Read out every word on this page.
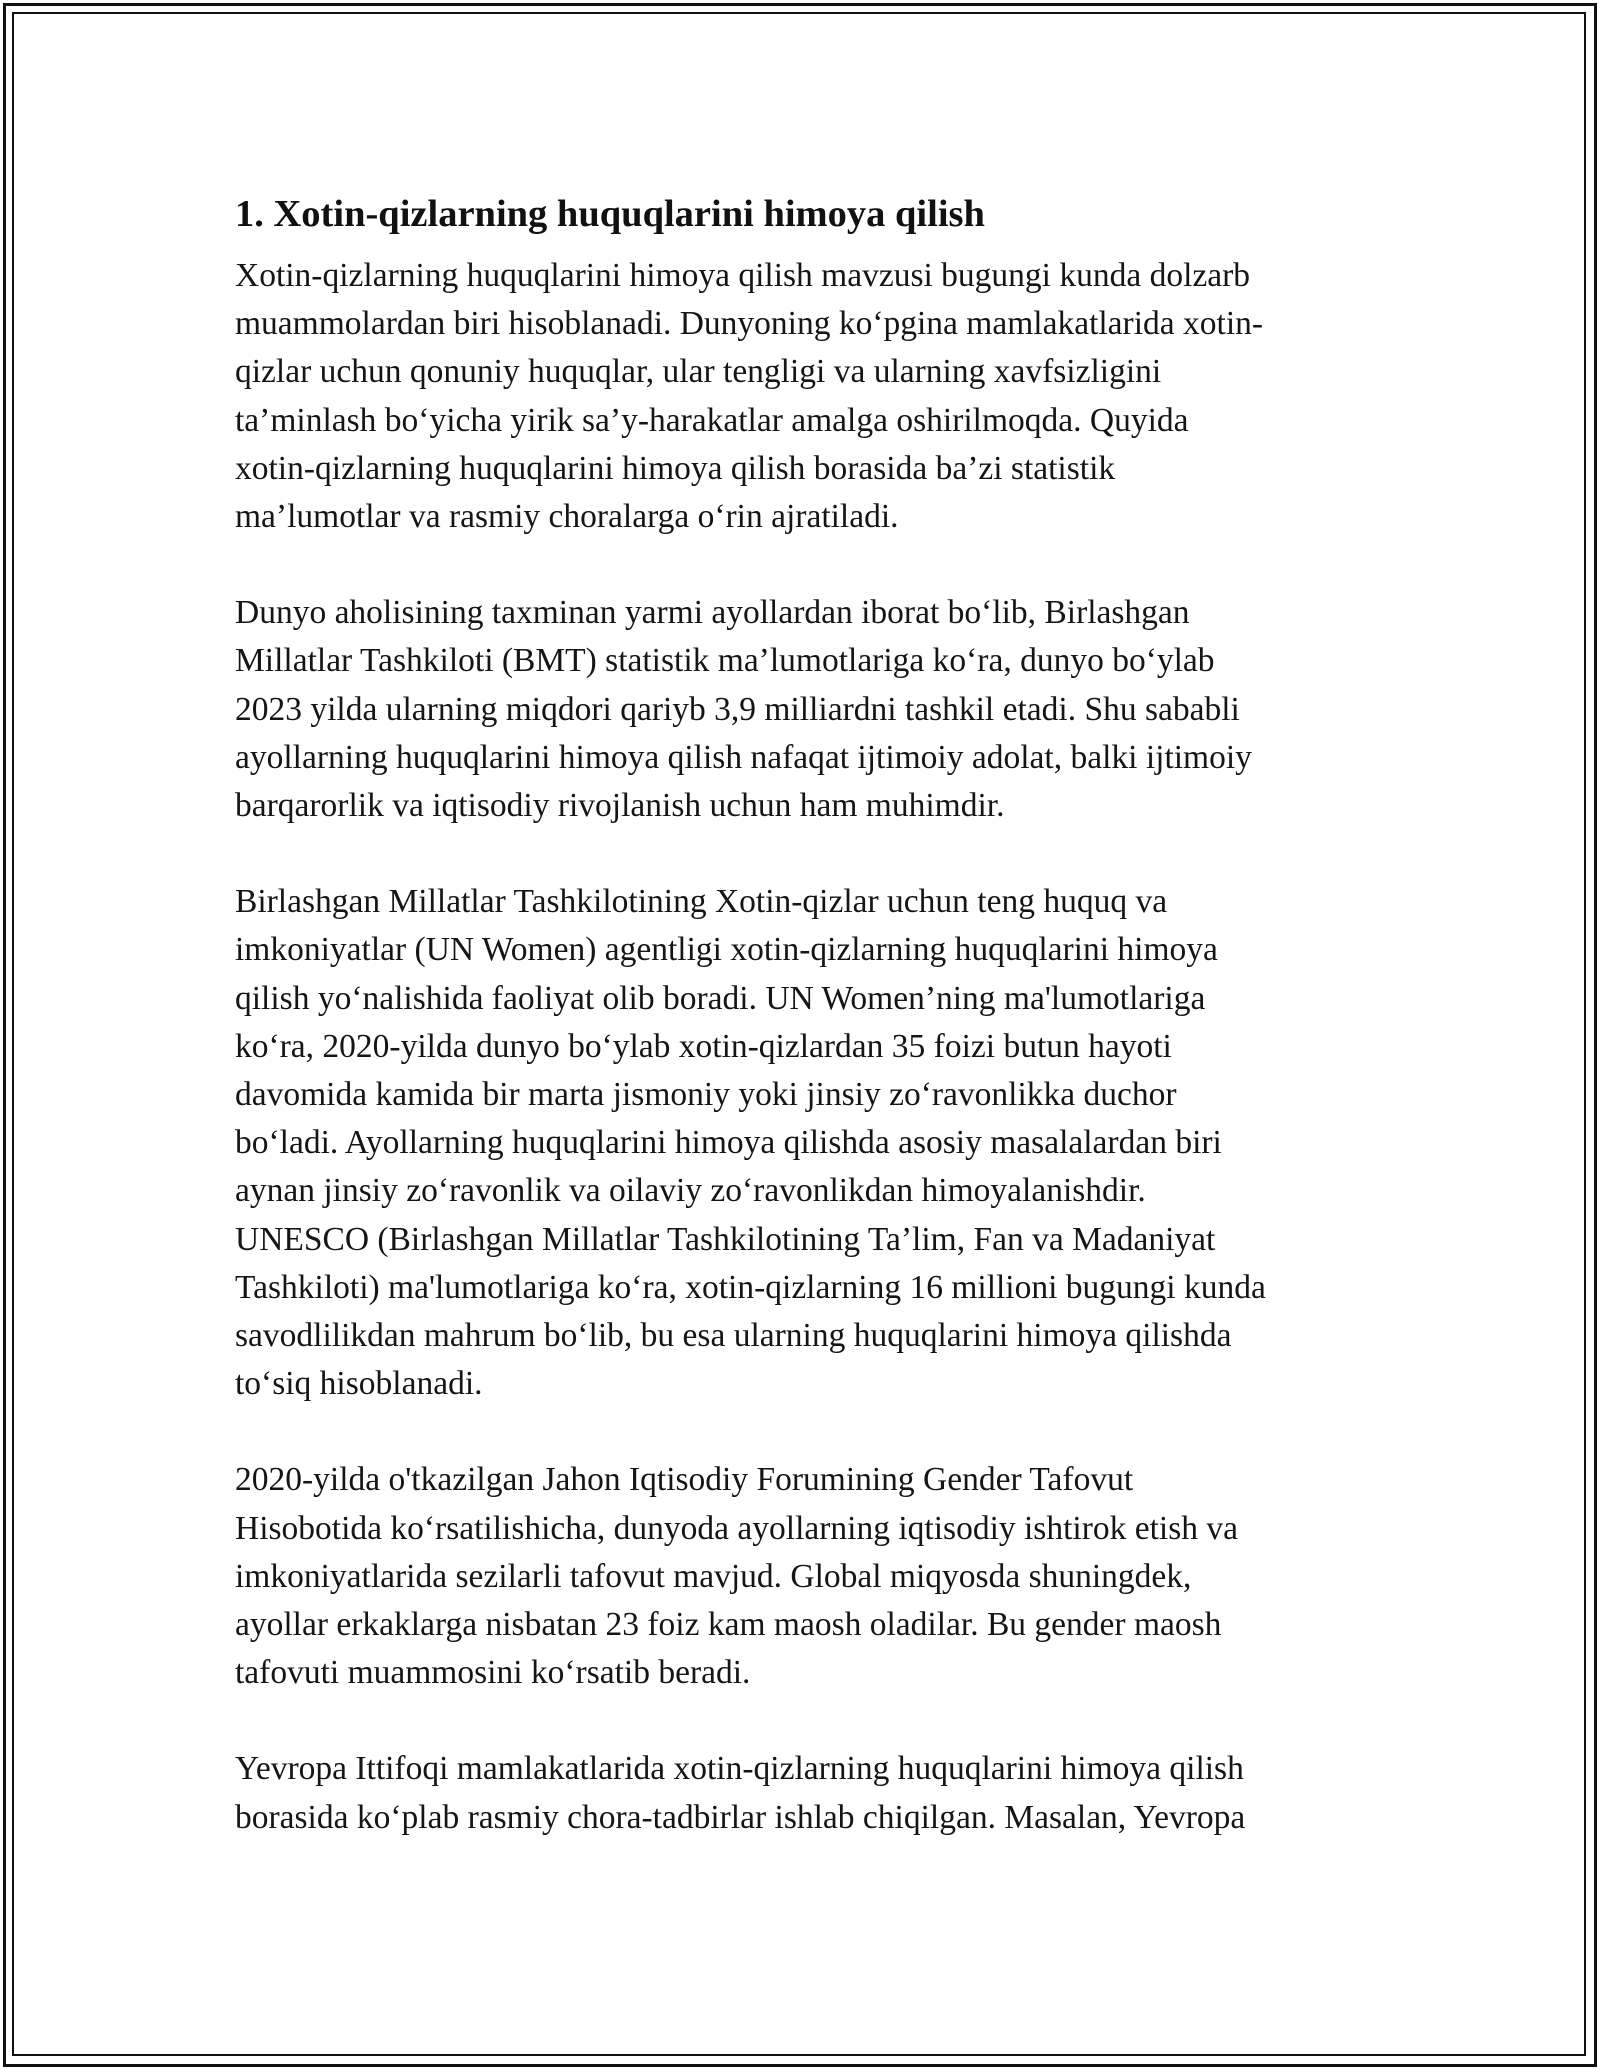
1. Xotin-qizlarning huquqlarini himoya qilish
Xotin-qizlarning huquqlarini himoya qilish mavzusi bugungi kunda dolzarb
muammolardan biri hisoblanadi. Dunyoning ko‘pgina mamlakatlarida xotin-
qizlar uchun qonuniy huquqlar, ular tengligi va ularning xavfsizligini
ta’minlash bo‘yicha yirik sa’y-harakatlar amalga oshirilmoqda. Quyida
xotin-qizlarning huquqlarini himoya qilish borasida ba’zi statistik
ma’lumotlar va rasmiy choralarga o‘rin ajratiladi.
Dunyo aholisining taxminan yarmi ayollardan iborat bo‘lib, Birlashgan
Millatlar Tashkiloti (BMT) statistik ma’lumotlariga ko‘ra, dunyo bo‘ylab
2023 yilda ularning miqdori qariyb 3,9 milliardni tashkil etadi. Shu sababli
ayollarning huquqlarini himoya qilish nafaqat ijtimoiy adolat, balki ijtimoiy
barqarorlik va iqtisodiy rivojlanish uchun ham muhimdir.
Birlashgan Millatlar Tashkilotining Xotin-qizlar uchun teng huquq va
imkoniyatlar (UN Women) agentligi xotin-qizlarning huquqlarini himoya
qilish yo‘nalishida faoliyat olib boradi. UN Women’ning ma'lumotlariga
ko‘ra, 2020-yilda dunyo bo‘ylab xotin-qizlardan 35 foizi butun hayoti
davomida kamida bir marta jismoniy yoki jinsiy zo‘ravonlikka duchor
bo‘ladi. Ayollarning huquqlarini himoya qilishda asosiy masalalardan biri
aynan jinsiy zo‘ravonlik va oilaviy zo‘ravonlikdan himoyalanishdir.
UNESCO (Birlashgan Millatlar Tashkilotining Ta’lim, Fan va Madaniyat
Tashkiloti) ma'lumotlariga ko‘ra, xotin-qizlarning 16 millioni bugungi kunda
savodlilikdan mahrum bo‘lib, bu esa ularning huquqlarini himoya qilishda
to‘siq hisoblanadi.
2020-yilda o'tkazilgan Jahon Iqtisodiy Forumining Gender Tafovut
Hisobotida ko‘rsatilishicha, dunyoda ayollarning iqtisodiy ishtirok etish va
imkoniyatlarida sezilarli tafovut mavjud. Global miqyosda shuningdek,
ayollar erkaklarga nisbatan 23 foiz kam maosh oladilar. Bu gender maosh
tafovuti muammosini ko‘rsatib beradi.
Yevropa Ittifoqi mamlakatlarida xotin-qizlarning huquqlarini himoya qilish
borasida ko‘plab rasmiy chora-tadbirlar ishlab chiqilgan. Masalan, Yevropa
